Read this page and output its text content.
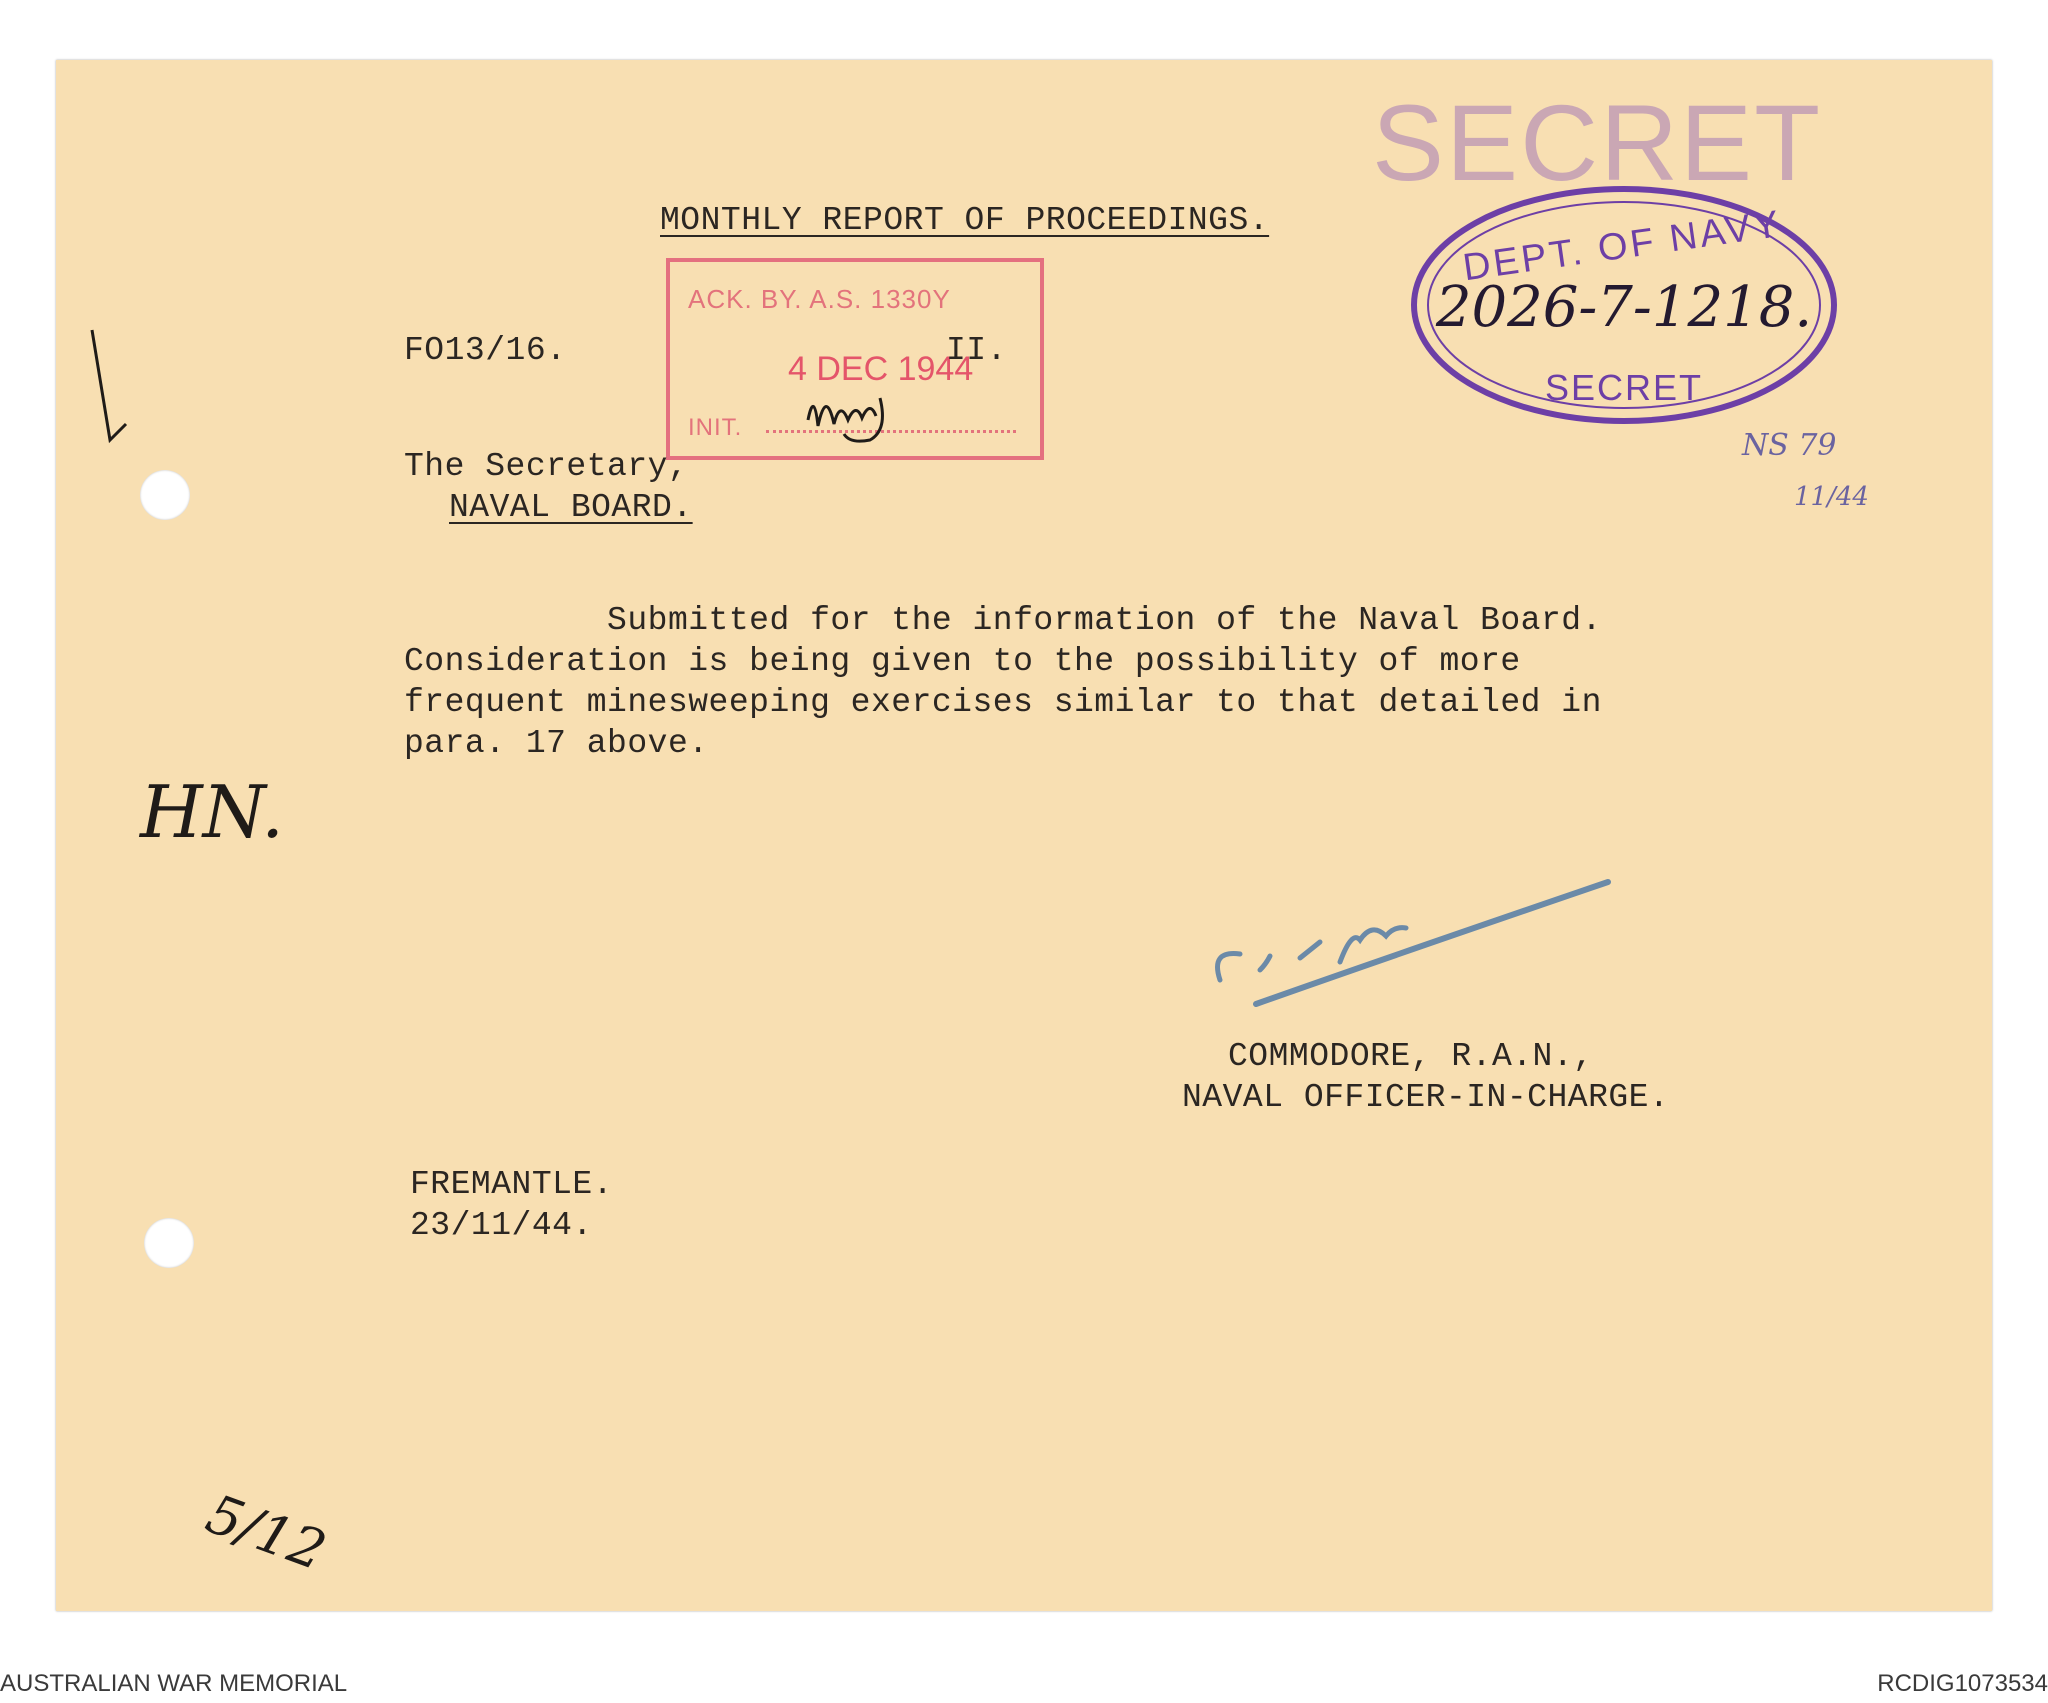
SECRET
MONTHLY REPORT OF PROCEEDINGS.
ACK. BY. A.S. 1330Y
4 DEC 1944
INIT.
FO13/16.	II.
DEPT. OF NAVY
2026-7-1218.
SECRET
NS 79
11/44
The Secretary,
NAVAL BOARD.
Submitted for the information of the Naval Board.
Consideration is being given to the possibility of more
frequent minesweeping exercises similar to that detailed in
para. 17 above.
HN.
COMMODORE, R.A.N.,
NAVAL OFFICER-IN-CHARGE.
FREMANTLE.
23/11/44.
5/12
AUSTRALIAN WAR MEMORIAL	RCDIG1073534
